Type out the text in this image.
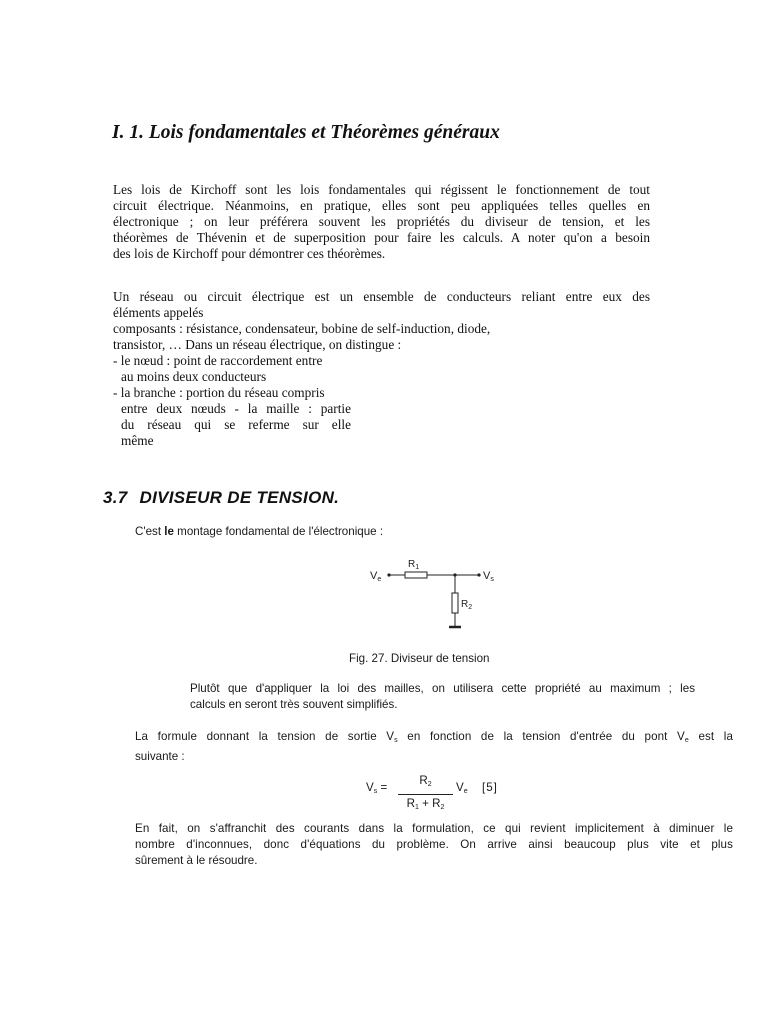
I. 1. Lois fondamentales et Théorèmes généraux
Les lois de Kirchoff sont les lois fondamentales qui régissent le fonctionnement de tout
circuit électrique. Néanmoins, en pratique, elles sont peu appliquées telles quelles en
électronique ; on leur préférera souvent les propriétés du diviseur de tension, et les
théorèmes de Thévenin et de superposition pour faire les calculs. A noter qu'on a besoin
des lois de Kirchoff pour démontrer ces théorèmes.
Un réseau ou circuit électrique est un ensemble de conducteurs reliant entre eux des
éléments appelés
composants : résistance, condensateur, bobine de self-induction, diode,
transistor, … Dans un réseau électrique, on distingue :
- le nœud : point de raccordement entre
au moins deux conducteurs
- la branche : portion du réseau compris
entre deux nœuds - la maille : partie
du réseau qui se referme sur elle
même
3.7 DIVISEUR DE TENSION.
C'est le montage fondamental de l'électronique :
Ve
$R_1$
Vs
$R_2$
Fig. 27. Diviseur de tension
Plutôt que d'appliquer la loi des mailles, on utilisera cette propriété au maximum ; les
calculs en seront très souvent simplifiés.
La formule donnant la tension de sortie $V_s$ en fonction de la tension d'entrée du pont $V_e$ est la
suivante :
$V_s$ =
$R_2$
$R_1 + R_2$
$V_e$ [5]
En fait, on s'affranchit des courants dans la formulation, ce qui revient implicitement à diminuer le
nombre d'inconnues, donc d'équations du problème. On arrive ainsi beaucoup plus vite et plus
sûrement à le résoudre.
